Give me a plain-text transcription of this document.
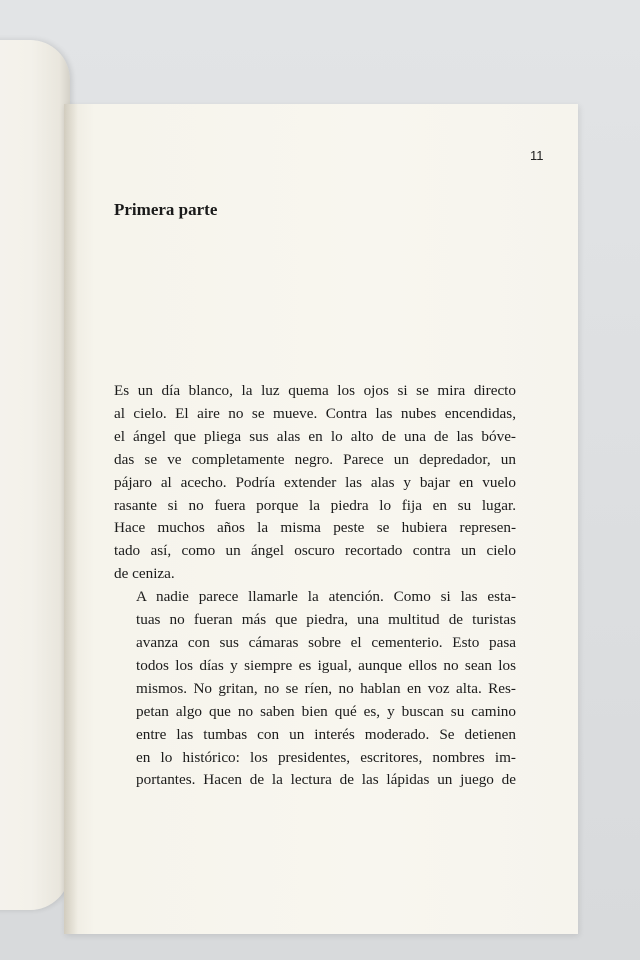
11
Primera parte

Es un día blanco, la luz quema los ojos si se mira directo
al cielo. El aire no se mueve. Contra las nubes encendidas,
el ángel que pliega sus alas en lo alto de una de las bóve-
das se ve completamente negro. Parece un depredador, un
pájaro al acecho. Podría extender las alas y bajar en vuelo
rasante si no fuera porque la piedra lo fija en su lugar.
Hace muchos años la misma peste se hubiera represen-
tado así, como un ángel oscuro recortado contra un cielo
de ceniza.

A nadie parece llamarle la atención. Como si las esta-
tuas no fueran más que piedra, una multitud de turistas
avanza con sus cámaras sobre el cementerio. Esto pasa
todos los días y siempre es igual, aunque ellos no sean los
mismos. No gritan, no se ríen, no hablan en voz alta. Res-
petan algo que no saben bien qué es, y buscan su camino
entre las tumbas con un interés moderado. Se detienen
en lo histórico: los presidentes, escritores, nombres im-
portantes. Hacen de la lectura de las lápidas un juego de
